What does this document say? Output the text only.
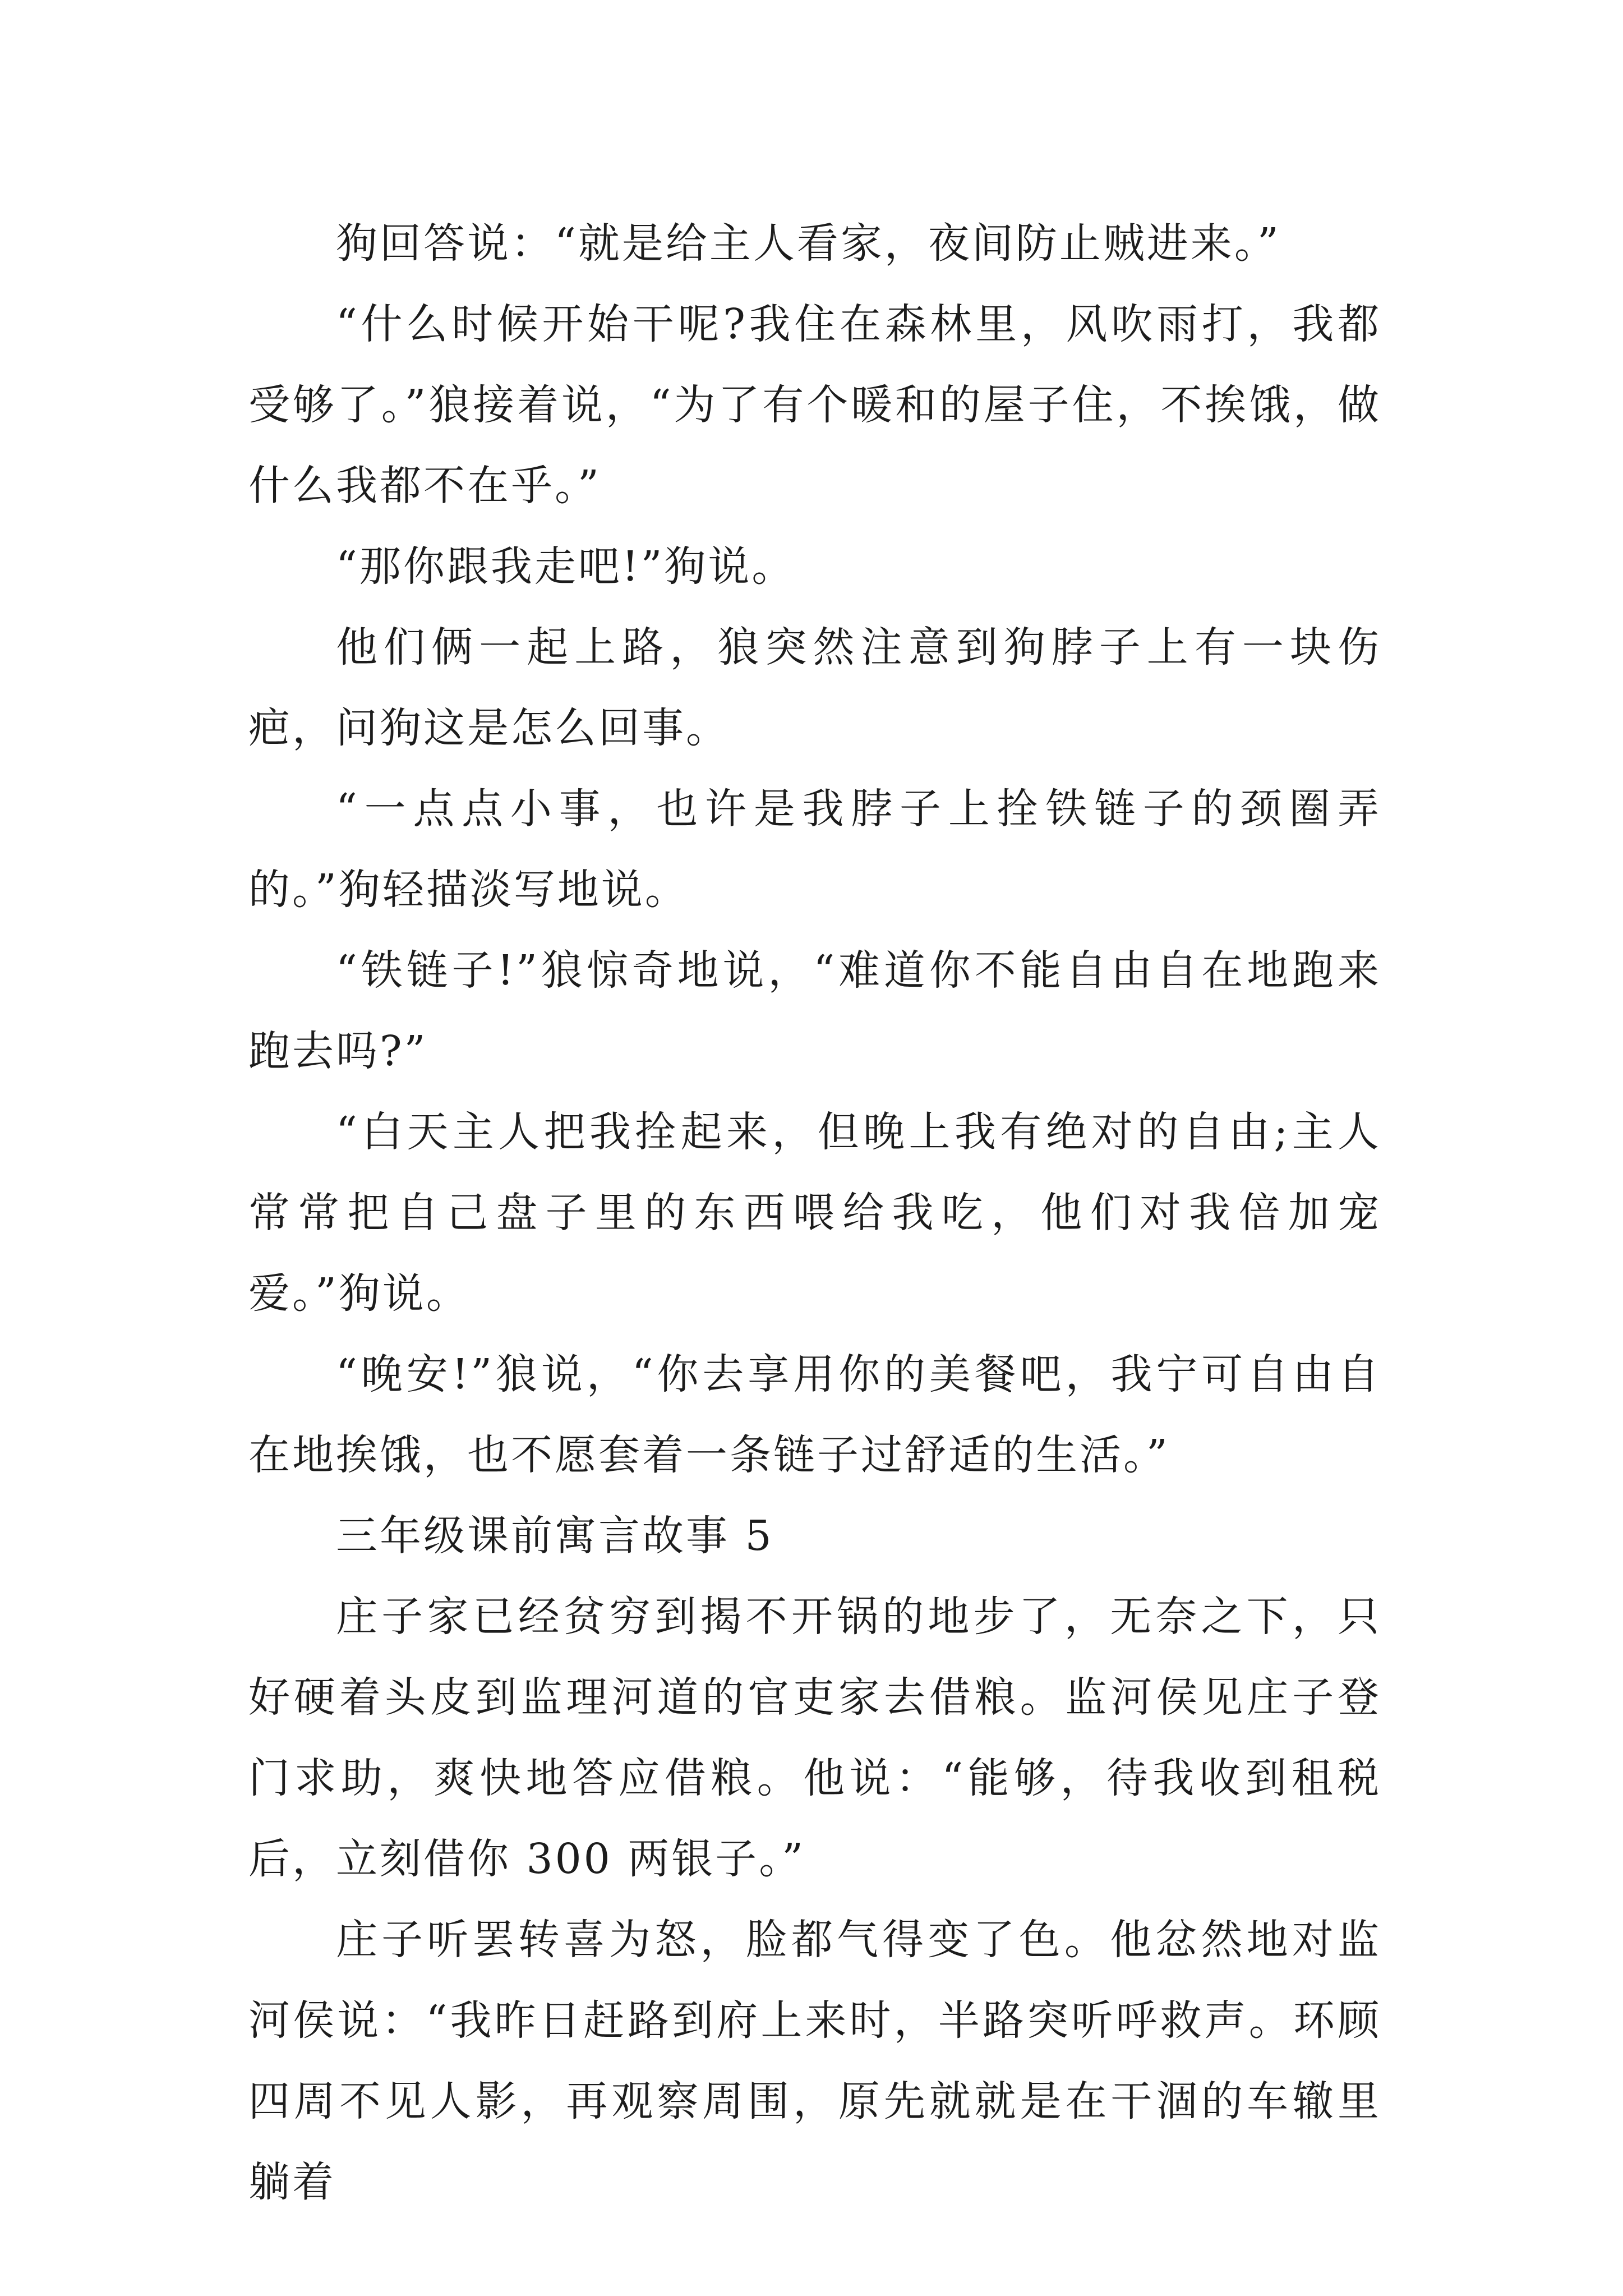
狗回答说：“就是给主人看家，夜间防止贼进来。”

“什么时候开始干呢?我住在森林里，风吹雨打，我都受够了。”狼接着说，“为了有个暖和的屋子住，不挨饿，做什么我都不在乎。”

“那你跟我走吧!”狗说。

他们俩一起上路，狼突然注意到狗脖子上有一块伤疤，问狗这是怎么回事。

“一点点小事，也许是我脖子上拴铁链子的颈圈弄的。”狗轻描淡写地说。

“铁链子!”狼惊奇地说，“难道你不能自由自在地跑来跑去吗?”

“白天主人把我拴起来，但晚上我有绝对的自由;主人常常把自己盘子里的东西喂给我吃，他们对我倍加宠爱。”狗说。

“晚安!”狼说，“你去享用你的美餐吧，我宁可自由自在地挨饿，也不愿套着一条链子过舒适的生活。”

三年级课前寓言故事 5

庄子家已经贫穷到揭不开锅的地步了，无奈之下，只好硬着头皮到监理河道的官吏家去借粮。监河侯见庄子登门求助，爽快地答应借粮。他说：“能够，待我收到租税后，立刻借你 300 两银子。”

庄子听罢转喜为怒，脸都气得变了色。他忿然地对监河侯说：“我昨日赶路到府上来时，半路突听呼救声。环顾四周不见人影，再观察周围，原先就就是在干涸的车辙里躺着
